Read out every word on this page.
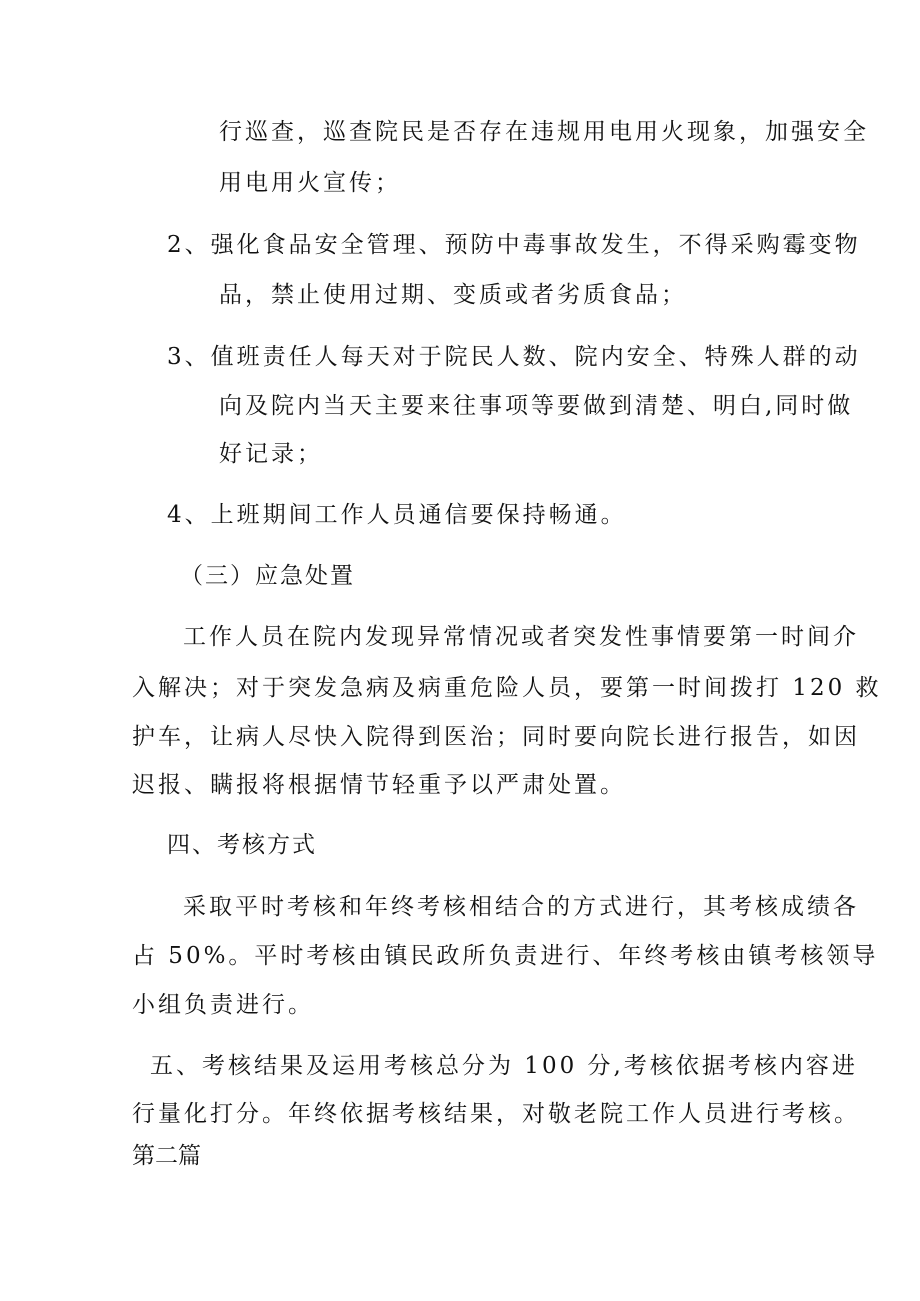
行巡查，巡查院民是否存在违规用电用火现象，加强安全

用电用火宣传；

2、强化食品安全管理、预防中毒事故发生，不得采购霉变物

品，禁止使用过期、变质或者劣质食品；

3、值班责任人每天对于院民人数、院内安全、特殊人群的动

向及院内当天主要来往事项等要做到清楚、明白,同时做

好记录；

4、上班期间工作人员通信要保持畅通。

（三）应急处置

工作人员在院内发现异常情况或者突发性事情要第一时间介

入解决；对于突发急病及病重危险人员，要第一时间拨打 120 救

护车，让病人尽快入院得到医治；同时要向院长进行报告，如因

迟报、瞒报将根据情节轻重予以严肃处置。

四、考核方式

采取平时考核和年终考核相结合的方式进行，其考核成绩各

占 50%。平时考核由镇民政所负责进行、年终考核由镇考核领导

小组负责进行。

五、考核结果及运用考核总分为 100 分,考核依据考核内容进

行量化打分。年终依据考核结果，对敬老院工作人员进行考核。

第二篇
